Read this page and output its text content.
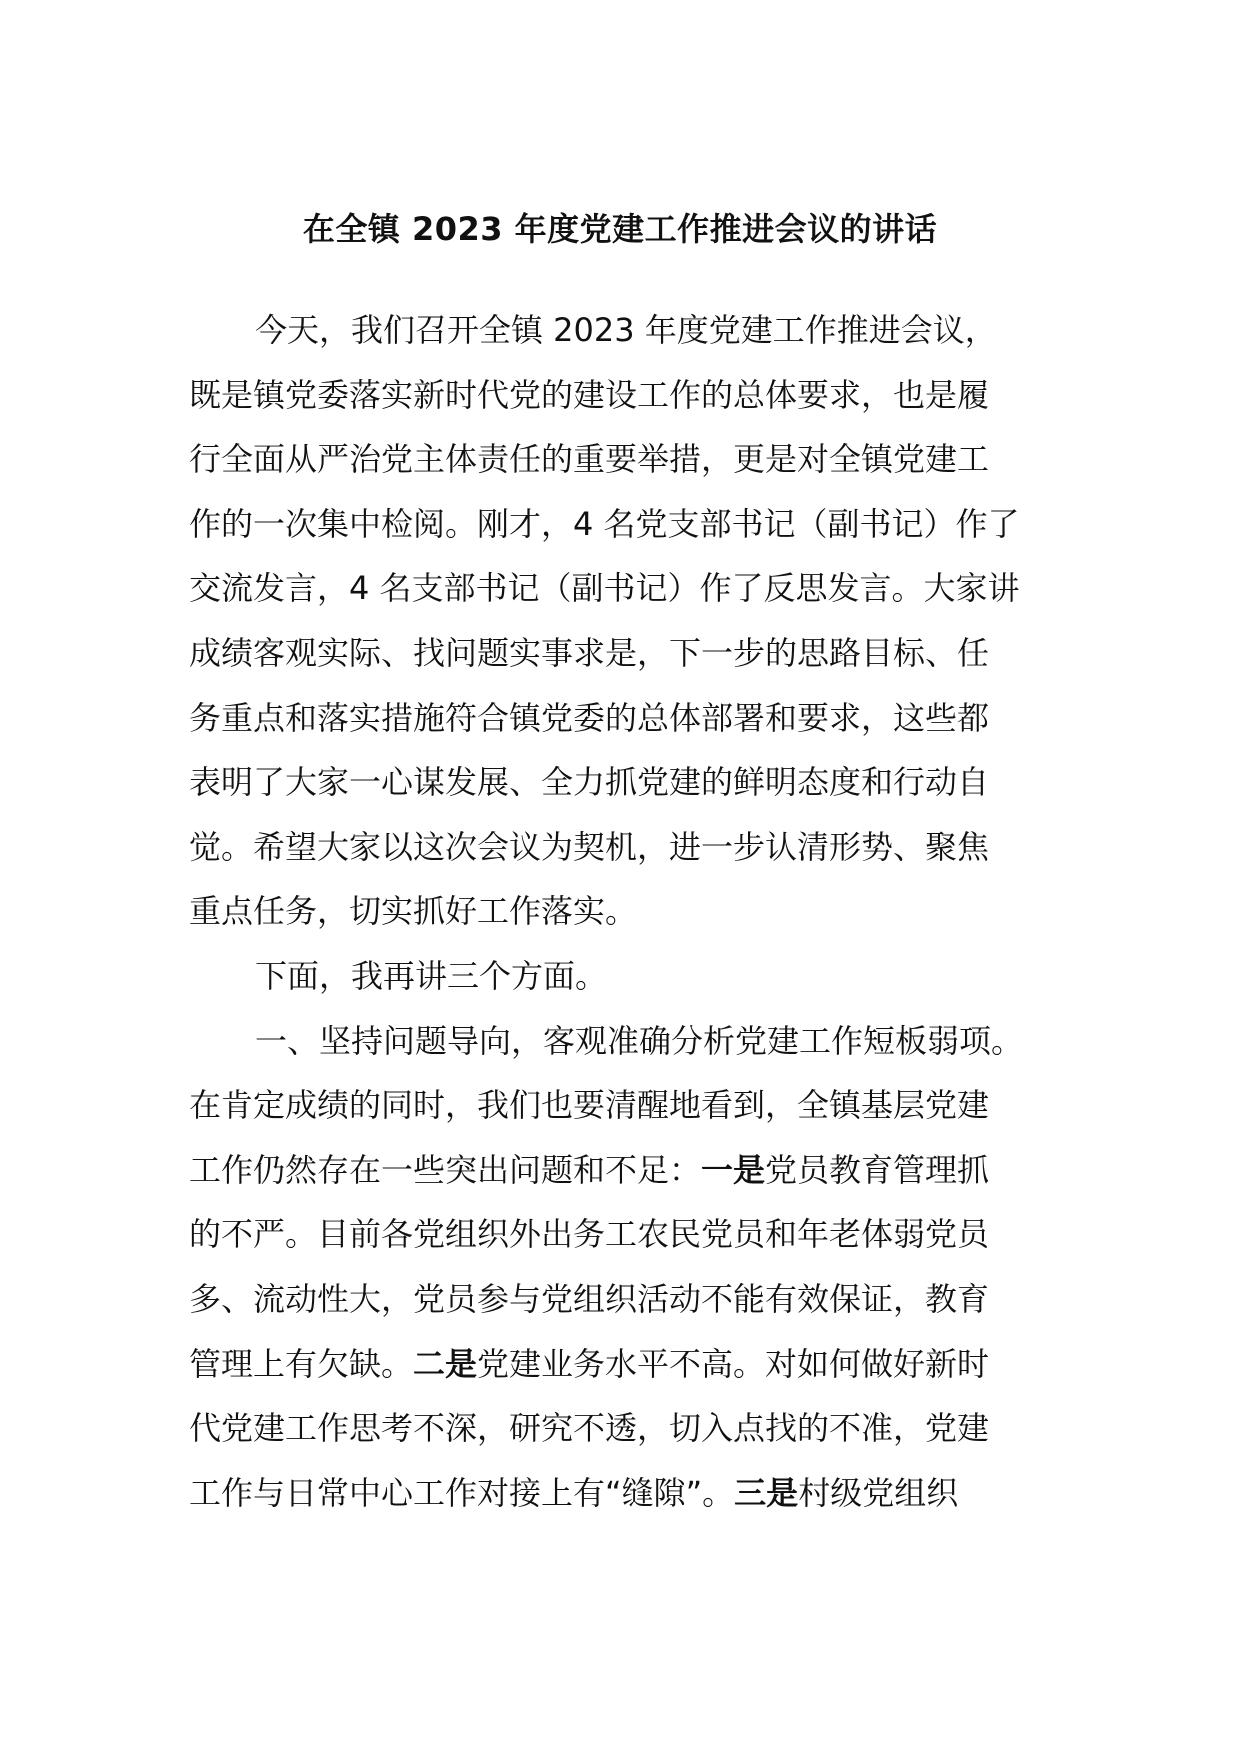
在全镇 2023 年度党建工作推进会议的讲话
今天，我们召开全镇 2023 年度党建工作推进会议，
既是镇党委落实新时代党的建设工作的总体要求，也是履
行全面从严治党主体责任的重要举措，更是对全镇党建工
作的一次集中检阅。刚才，4 名党支部书记（副书记）作了
交流发言，4 名支部书记（副书记）作了反思发言。大家讲
成绩客观实际、找问题实事求是，下一步的思路目标、任
务重点和落实措施符合镇党委的总体部署和要求，这些都
表明了大家一心谋发展、全力抓党建的鲜明态度和行动自
觉。希望大家以这次会议为契机，进一步认清形势、聚焦
重点任务，切实抓好工作落实。
下面，我再讲三个方面。
一、坚持问题导向，客观准确分析党建工作短板弱项。
在肯定成绩的同时，我们也要清醒地看到，全镇基层党建
工作仍然存在一些突出问题和不足：一是党员教育管理抓
的不严。目前各党组织外出务工农民党员和年老体弱党员
多、流动性大，党员参与党组织活动不能有效保证，教育
管理上有欠缺。二是党建业务水平不高。对如何做好新时
代党建工作思考不深，研究不透，切入点找的不准，党建
工作与日常中心工作对接上有“缝隙”。三是村级党组织
